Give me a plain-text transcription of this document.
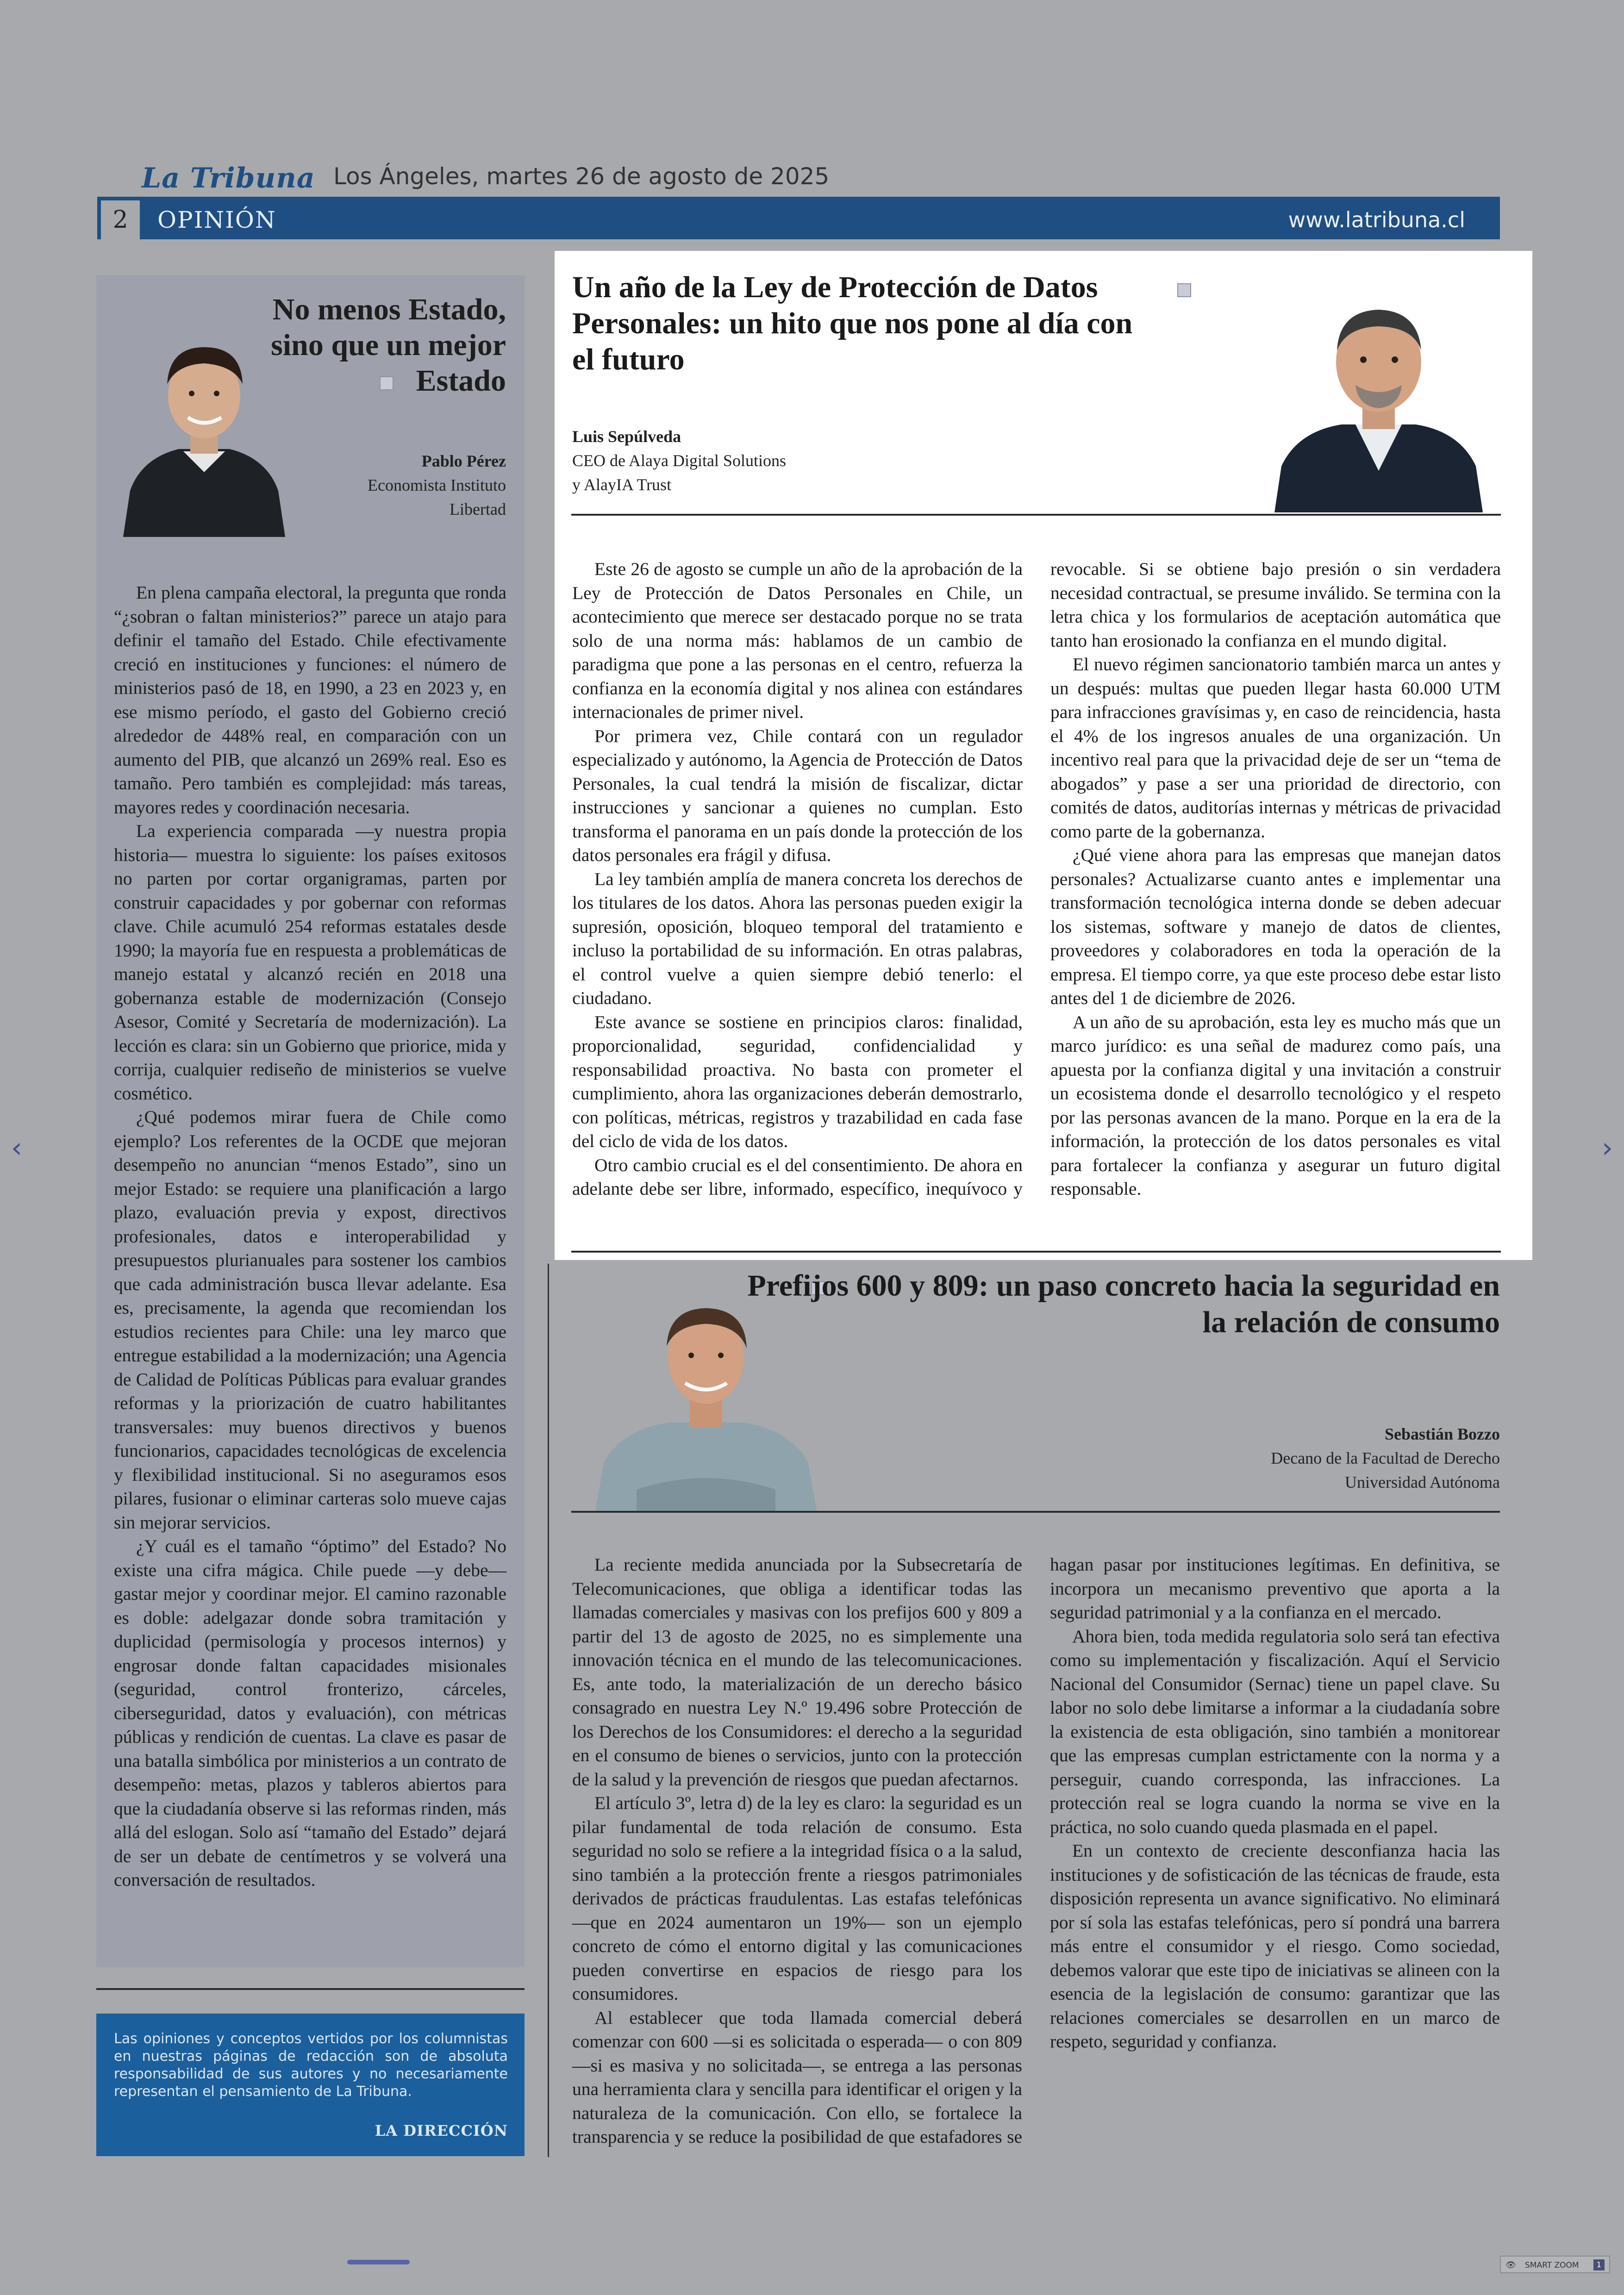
La Tribuna Los Ángeles, martes 26 de agosto de 2025
2	OPINIÓN	www.latribuna.cl
No menos Estado, sino que un mejor Estado
Pablo Pérez
Economista Instituto
Libertad

En plena campaña electoral, la pregunta que ronda “¿sobran o faltan ministerios?” parece un atajo para definir el tamaño del Estado. Chile efectivamente creció en instituciones y funciones: el número de ministerios pasó de 18, en 1990, a 23 en 2023 y, en ese mismo período, el gasto del Gobierno creció alrededor de 448% real, en comparación con un aumento del PIB, que alcanzó un 269% real. Eso es tamaño. Pero también es complejidad: más tareas, mayores redes y coordinación necesaria.

La experiencia comparada —y nuestra propia historia— muestra lo siguiente: los países exitosos no parten por cortar organigramas, parten por construir capacidades y por gobernar con reformas clave. Chile acumuló 254 reformas estatales desde 1990; la mayoría fue en respuesta a problemáticas de manejo estatal y alcanzó recién en 2018 una gobernanza estable de modernización (Consejo Asesor, Comité y Secretaría de modernización). La lección es clara: sin un Gobierno que priorice, mida y corrija, cualquier rediseño de ministerios se vuelve cosmético.

¿Qué podemos mirar fuera de Chile como ejemplo? Los referentes de la OCDE que mejoran desempeño no anuncian “menos Estado”, sino un mejor Estado: se requiere una planificación a largo plazo, evaluación previa y expost, directivos profesionales, datos e interoperabilidad y presupuestos plurianuales para sostener los cambios que cada administración busca llevar adelante. Esa es, precisamente, la agenda que recomiendan los estudios recientes para Chile: una ley marco que entregue estabilidad a la modernización; una Agencia de Calidad de Políticas Públicas para evaluar grandes reformas y la priorización de cuatro habilitantes transversales: muy buenos directivos y buenos funcionarios, capacidades tecnológicas de excelencia y flexibilidad institucional. Si no aseguramos esos pilares, fusionar o eliminar carteras solo mueve cajas sin mejorar servicios.

¿Y cuál es el tamaño “óptimo” del Estado? No existe una cifra mágica. Chile puede —y debe— gastar mejor y coordinar mejor. El camino razonable es doble: adelgazar donde sobra tramitación y duplicidad (permisología y procesos internos) y engrosar donde faltan capacidades misionales (seguridad, control fronterizo, cárceles, ciberseguridad, datos y evaluación), con métricas públicas y rendición de cuentas. La clave es pasar de una batalla simbólica por ministerios a un contrato de desempeño: metas, plazos y tableros abiertos para que la ciudadanía observe si las reformas rinden, más allá del eslogan. Solo así “tamaño del Estado” dejará de ser un debate de centímetros y se volverá una conversación de resultados.

Las opiniones y conceptos vertidos por los columnistas en nuestras páginas de redacción son de absoluta responsabilidad de sus autores y no necesariamente representan el pensamiento de La Tribuna.
LA DIRECCIÓN
Un año de la Ley de Protección de Datos Personales: un hito que nos pone al día con el futuro
Luis Sepúlveda
CEO de Alaya Digital Solutions
y AlayIA Trust

Este 26 de agosto se cumple un año de la aprobación de la Ley de Protección de Datos Personales en Chile, un acontecimiento que merece ser destacado porque no se trata solo de una norma más: hablamos de un cambio de paradigma que pone a las personas en el centro, refuerza la confianza en la economía digital y nos alinea con estándares internacionales de primer nivel.

Por primera vez, Chile contará con un regulador especializado y autónomo, la Agencia de Protección de Datos Personales, la cual tendrá la misión de fiscalizar, dictar instrucciones y sancionar a quienes no cumplan. Esto transforma el panorama en un país donde la protección de los datos personales era frágil y difusa.

La ley también amplía de manera concreta los derechos de los titulares de los datos. Ahora las personas pueden exigir la supresión, oposición, bloqueo temporal del tratamiento e incluso la portabilidad de su información. En otras palabras, el control vuelve a quien siempre debió tenerlo: el ciudadano.

Este avance se sostiene en principios claros: finalidad, proporcionalidad, seguridad, confidencialidad y responsabilidad proactiva. No basta con prometer el cumplimiento, ahora las organizaciones deberán demostrarlo, con políticas, métricas, registros y trazabilidad en cada fase del ciclo de vida de los datos.

Otro cambio crucial es el del consentimiento. De ahora en adelante debe ser libre, informado, específico, inequívoco y revocable. Si se obtiene bajo presión o sin verdadera necesidad contractual, se presume inválido. Se termina con la letra chica y los formularios de aceptación automática que tanto han erosionado la confianza en el mundo digital.

El nuevo régimen sancionatorio también marca un antes y un después: multas que pueden llegar hasta 60.000 UTM para infracciones gravísimas y, en caso de reincidencia, hasta el 4% de los ingresos anuales de una organización. Un incentivo real para que la privacidad deje de ser un “tema de abogados” y pase a ser una prioridad de directorio, con comités de datos, auditorías internas y métricas de privacidad como parte de la gobernanza.

¿Qué viene ahora para las empresas que manejan datos personales? Actualizarse cuanto antes e implementar una transformación tecnológica interna donde se deben adecuar los sistemas, software y manejo de datos de clientes, proveedores y colaboradores en toda la operación de la empresa. El tiempo corre, ya que este proceso debe estar listo antes del 1 de diciembre de 2026.

A un año de su aprobación, esta ley es mucho más que un marco jurídico: es una señal de madurez como país, una apuesta por la confianza digital y una invitación a construir un ecosistema donde el desarrollo tecnológico y el respeto por las personas avancen de la mano. Porque en la era de la información, la protección de los datos personales es vital para fortalecer la confianza y asegurar un futuro digital responsable.

Prefijos 600 y 809: un paso concreto hacia la seguridad en la relación de consumo
Sebastián Bozzo
Decano de la Facultad de Derecho
Universidad Autónoma

La reciente medida anunciada por la Subsecretaría de Telecomunicaciones, que obliga a identificar todas las llamadas comerciales y masivas con los prefijos 600 y 809 a partir del 13 de agosto de 2025, no es simplemente una innovación técnica en el mundo de las telecomunicaciones. Es, ante todo, la materialización de un derecho básico consagrado en nuestra Ley N.º 19.496 sobre Protección de los Derechos de los Consumidores: el derecho a la seguridad en el consumo de bienes o servicios, junto con la protección de la salud y la prevención de riesgos que puedan afectarnos.

El artículo 3º, letra d) de la ley es claro: la seguridad es un pilar fundamental de toda relación de consumo. Esta seguridad no solo se refiere a la integridad física o a la salud, sino también a la protección frente a riesgos patrimoniales derivados de prácticas fraudulentas. Las estafas telefónicas —que en 2024 aumentaron un 19%— son un ejemplo concreto de cómo el entorno digital y las comunicaciones pueden convertirse en espacios de riesgo para los consumidores.

Al establecer que toda llamada comercial deberá comenzar con 600 —si es solicitada o esperada— o con 809 —si es masiva y no solicitada—, se entrega a las personas una herramienta clara y sencilla para identificar el origen y la naturaleza de la comunicación. Con ello, se fortalece la transparencia y se reduce la posibilidad de que estafadores se hagan pasar por instituciones legítimas. En definitiva, se incorpora un mecanismo preventivo que aporta a la seguridad patrimonial y a la confianza en el mercado.

Ahora bien, toda medida regulatoria solo será tan efectiva como su implementación y fiscalización. Aquí el Servicio Nacional del Consumidor (Sernac) tiene un papel clave. Su labor no solo debe limitarse a informar a la ciudadanía sobre la existencia de esta obligación, sino también a monitorear que las empresas cumplan estrictamente con la norma y a perseguir, cuando corresponda, las infracciones. La protección real se logra cuando la norma se vive en la práctica, no solo cuando queda plasmada en el papel.

En un contexto de creciente desconfianza hacia las instituciones y de sofisticación de las técnicas de fraude, esta disposición representa un avance significativo. No eliminará por sí sola las estafas telefónicas, pero sí pondrá una barrera más entre el consumidor y el riesgo. Como sociedad, debemos valorar que este tipo de iniciativas se alineen con la esencia de la legislación de consumo: garantizar que las relaciones comerciales se desarrollen en un marco de respeto, seguridad y confianza.

‹	›
👁 SMART ZOOM	1
